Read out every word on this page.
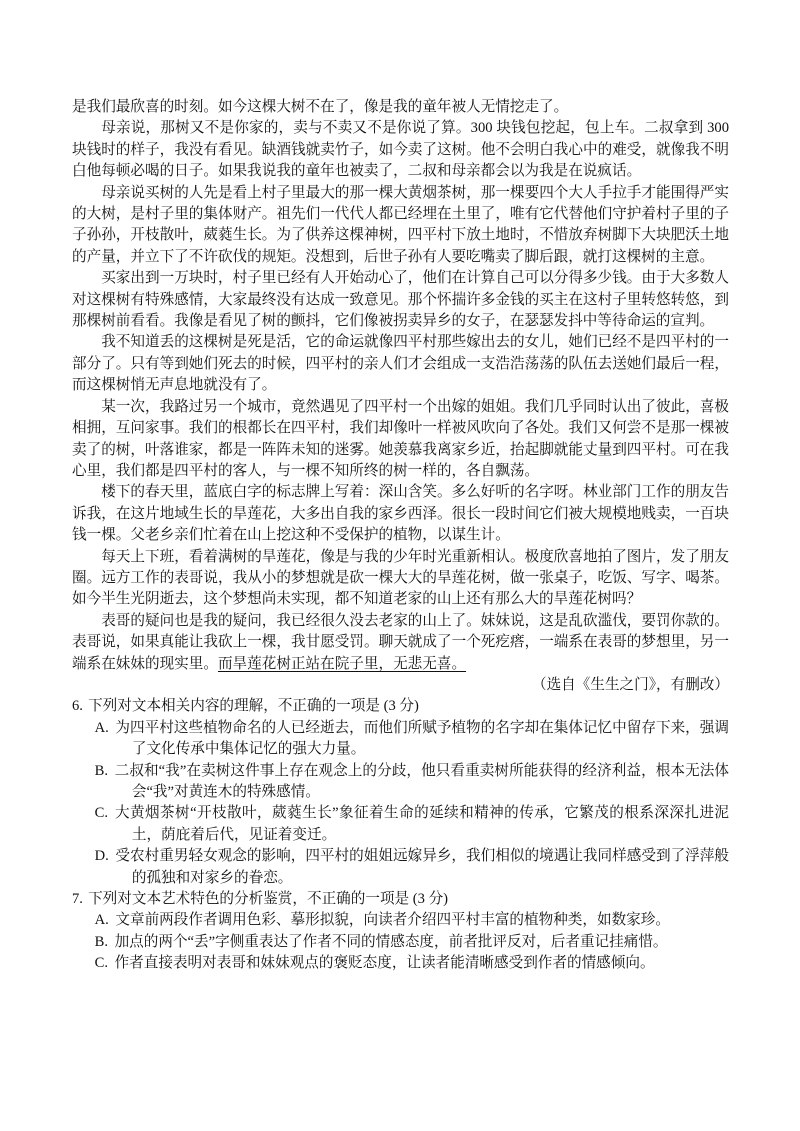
是我们最欣喜的时刻。如今这棵大树不在了，像是我的童年被人无情挖走了。

母亲说，那树又不是你家的，卖与不卖又不是你说了算。300 块钱包挖起，包上车。二叔拿到 300 块钱时的样子，我没有看见。缺酒钱就卖竹子，如今卖了这树。他不会明白我心中的难受，就像我不明白他每顿必喝的日子。如果我说我的童年也被卖了，二叔和母亲都会以为我是在说疯话。

母亲说买树的人先是看上村子里最大的那一棵大黄烟茶树，那一棵要四个大人手拉手才能围得严实的大树，是村子里的集体财产。祖先们一代代人都已经埋在土里了，唯有它代替他们守护着村子里的子子孙孙，开枝散叶，葳蕤生长。为了供养这棵神树，四平村下放土地时，不惜放弃树脚下大块肥沃土地的产量，并立下了不许砍伐的规矩。没想到，后世子孙有人要吃嘴卖了脚后跟，就打这棵树的主意。

买家出到一万块时，村子里已经有人开始动心了，他们在计算自己可以分得多少钱。由于大多数人对这棵树有特殊感情，大家最终没有达成一致意见。那个怀揣许多金钱的买主在这村子里转悠转悠，到那棵树前看看。我像是看见了树的颤抖，它们像被拐卖异乡的女子，在瑟瑟发抖中等待命运的宣判。

我不知道丢的这棵树是死是活，它的命运就像四平村那些嫁出去的女儿，她们已经不是四平村的一部分了。只有等到她们死去的时候，四平村的亲人们才会组成一支浩浩荡荡的队伍去送她们最后一程，而这棵树悄无声息地就没有了。

某一次，我路过另一个城市，竟然遇见了四平村一个出嫁的姐姐。我们几乎同时认出了彼此，喜极相拥，互问家事。我们的根都长在四平村，我们却像叶一样被风吹向了各处。我们又何尝不是那一棵被卖了的树，叶落谁家，都是一阵阵未知的迷雾。她羡慕我离家乡近，抬起脚就能丈量到四平村。可在我心里，我们都是四平村的客人，与一棵不知所终的树一样的，各自飘荡。

楼下的春天里，蓝底白字的标志牌上写着：深山含笑。多么好听的名字呀。林业部门工作的朋友告诉我，在这片地域生长的旱莲花，大多出自我的家乡西泽。很长一段时间它们被大规模地贱卖，一百块钱一棵。父老乡亲们忙着在山上挖这种不受保护的植物，以谋生计。

每天上下班，看着满树的旱莲花，像是与我的少年时光重新相认。极度欣喜地拍了图片，发了朋友圈。远方工作的表哥说，我从小的梦想就是砍一棵大大的旱莲花树，做一张桌子，吃饭、写字、喝茶。如今半生光阴逝去，这个梦想尚未实现，都不知道老家的山上还有那么大的旱莲花树吗？

表哥的疑问也是我的疑问，我已经很久没去老家的山上了。妹妹说，这是乱砍滥伐，要罚你款的。表哥说，如果真能让我砍上一棵，我甘愿受罚。聊天就成了一个死疙瘩，一端系在表哥的梦想里，另一端系在妹妹的现实里。而旱莲花树正站在院子里，无悲无喜。

（选自《生生之门》，有删改）

6. 下列对文本相关内容的理解，不正确的一项是 (3 分)

A. 为四平村这些植物命名的人已经逝去，而他们所赋予植物的名字却在集体记忆中留存下来，强调了文化传承中集体记忆的强大力量。

B. 二叔和“我”在卖树这件事上存在观念上的分歧，他只看重卖树所能获得的经济利益，根本无法体会“我”对黄连木的特殊感情。

C. 大黄烟茶树“开枝散叶，葳蕤生长”象征着生命的延续和精神的传承，它繁茂的根系深深扎进泥土，荫庇着后代，见证着变迁。

D. 受农村重男轻女观念的影响，四平村的姐姐远嫁异乡，我们相似的境遇让我同样感受到了浮萍般的孤独和对家乡的眷恋。

7. 下列对文本艺术特色的分析鉴赏，不正确的一项是 (3 分)

A. 文章前两段作者调用色彩、摹形拟貌，向读者介绍四平村丰富的植物种类，如数家珍。

B. 加点的两个“丢”字侧重表达了作者不同的情感态度，前者批评反对，后者重记挂痛惜。

C. 作者直接表明对表哥和妹妹观点的褒贬态度，让读者能清晰感受到作者的情感倾向。
